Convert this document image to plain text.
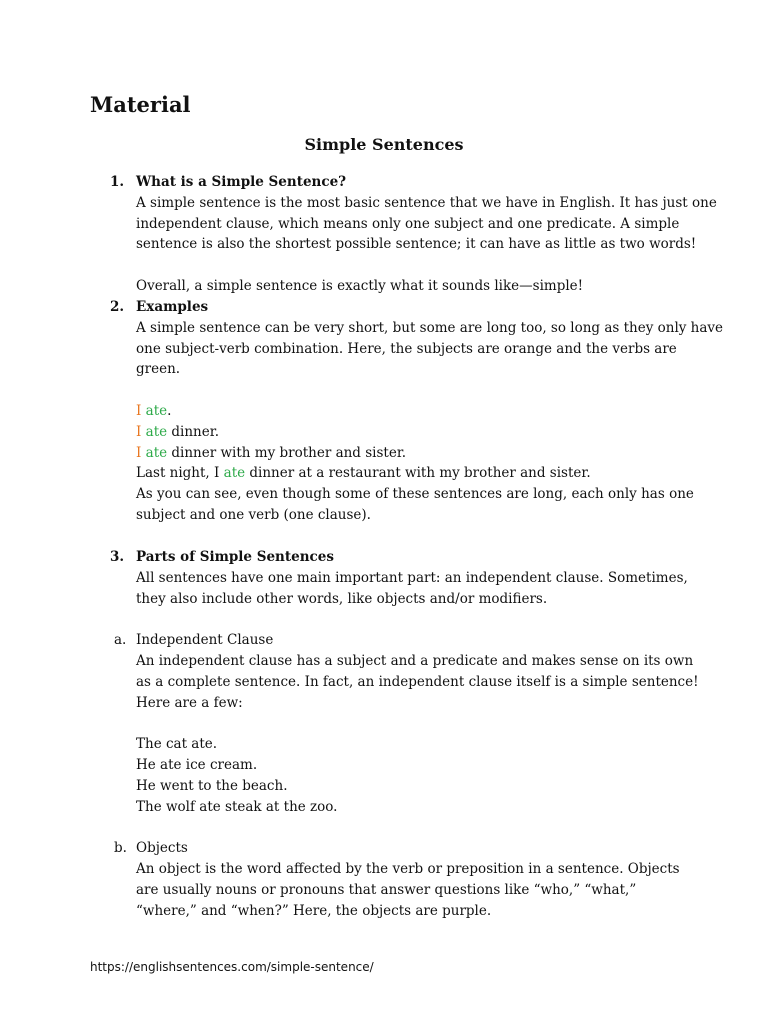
Material
Simple Sentences
1. What is a Simple Sentence?

A simple sentence is the most basic sentence that we have in English. It has just one

independent clause, which means only one subject and one predicate. A simple

sentence is also the shortest possible sentence; it can have as little as two words!

Overall, a simple sentence is exactly what it sounds like—simple!

2. Examples

A simple sentence can be very short, but some are long too, so long as they only have

one subject-verb combination. Here, the subjects are orange and the verbs are

green.

I ate.

I ate dinner.

I ate dinner with my brother and sister.

Last night, I ate dinner at a restaurant with my brother and sister.

As you can see, even though some of these sentences are long, each only has one

subject and one verb (one clause).

3. Parts of Simple Sentences

All sentences have one main important part: an independent clause. Sometimes,

they also include other words, like objects and/or modifiers.

a. Independent Clause

An independent clause has a subject and a predicate and makes sense on its own

as a complete sentence. In fact, an independent clause itself is a simple sentence!

Here are a few:

The cat ate.

He ate ice cream.

He went to the beach.

The wolf ate steak at the zoo.

b. Objects

An object is the word affected by the verb or preposition in a sentence. Objects

are usually nouns or pronouns that answer questions like “who,” “what,”

“where,” and “when?” Here, the objects are purple.

https://englishsentences.com/simple-sentence/
